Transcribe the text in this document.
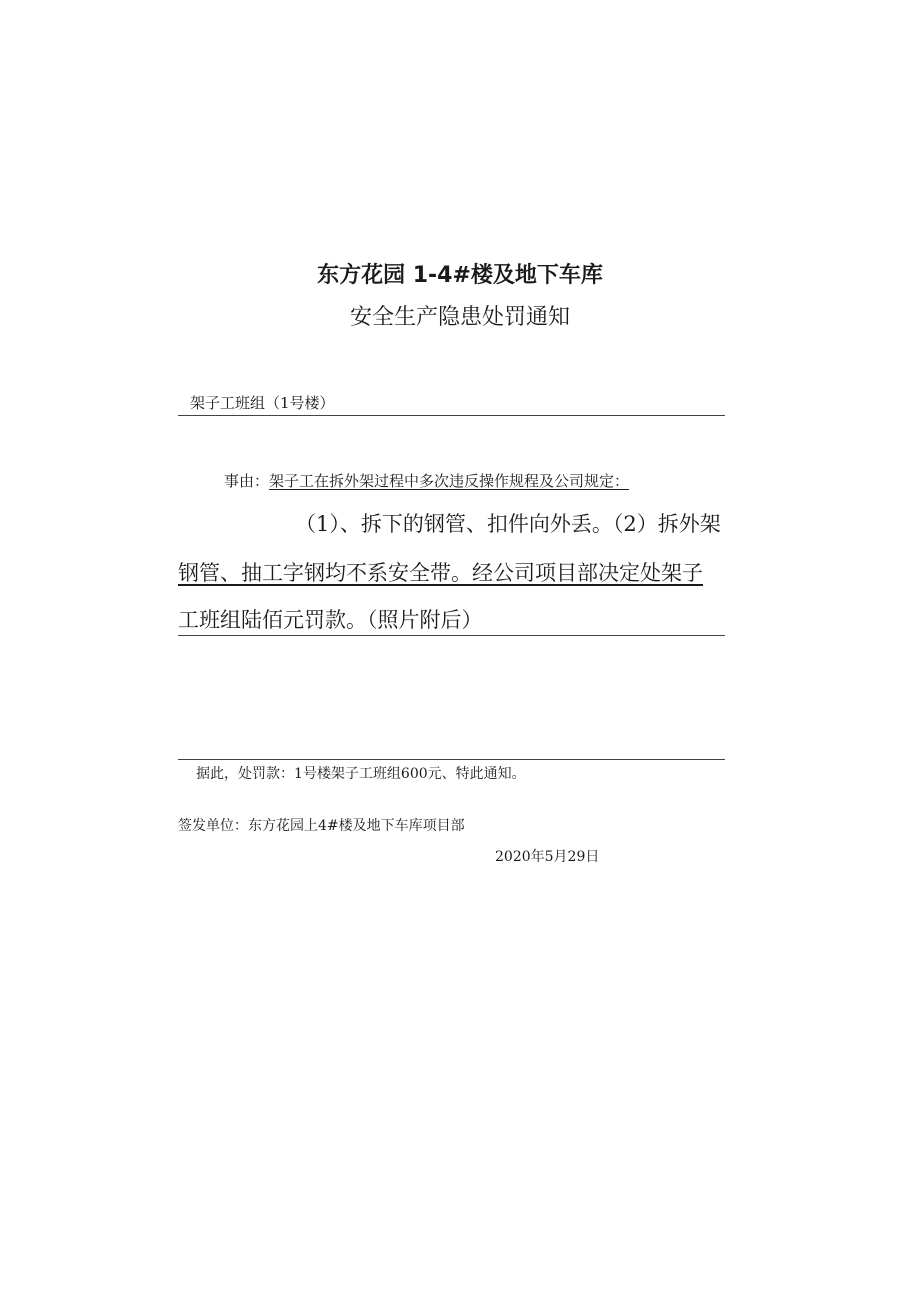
东方花园 1-4#楼及地下车库
安全生产隐患处罚通知
架子工班组（1号楼）
事由：架子工在拆外架过程中多次违反操作规程及公司规定：
（1）、拆下的钢管、扣件向外丢。（2）拆外架
钢管、抽工字钢均不系安全带。经公司项目部决定处架子
工班组陆佰元罚款。（照片附后）
据此，处罚款：1号楼架子工班组600元、特此通知。
签发单位：东方花园上4#楼及地下车库项目部
2020年5月29日
